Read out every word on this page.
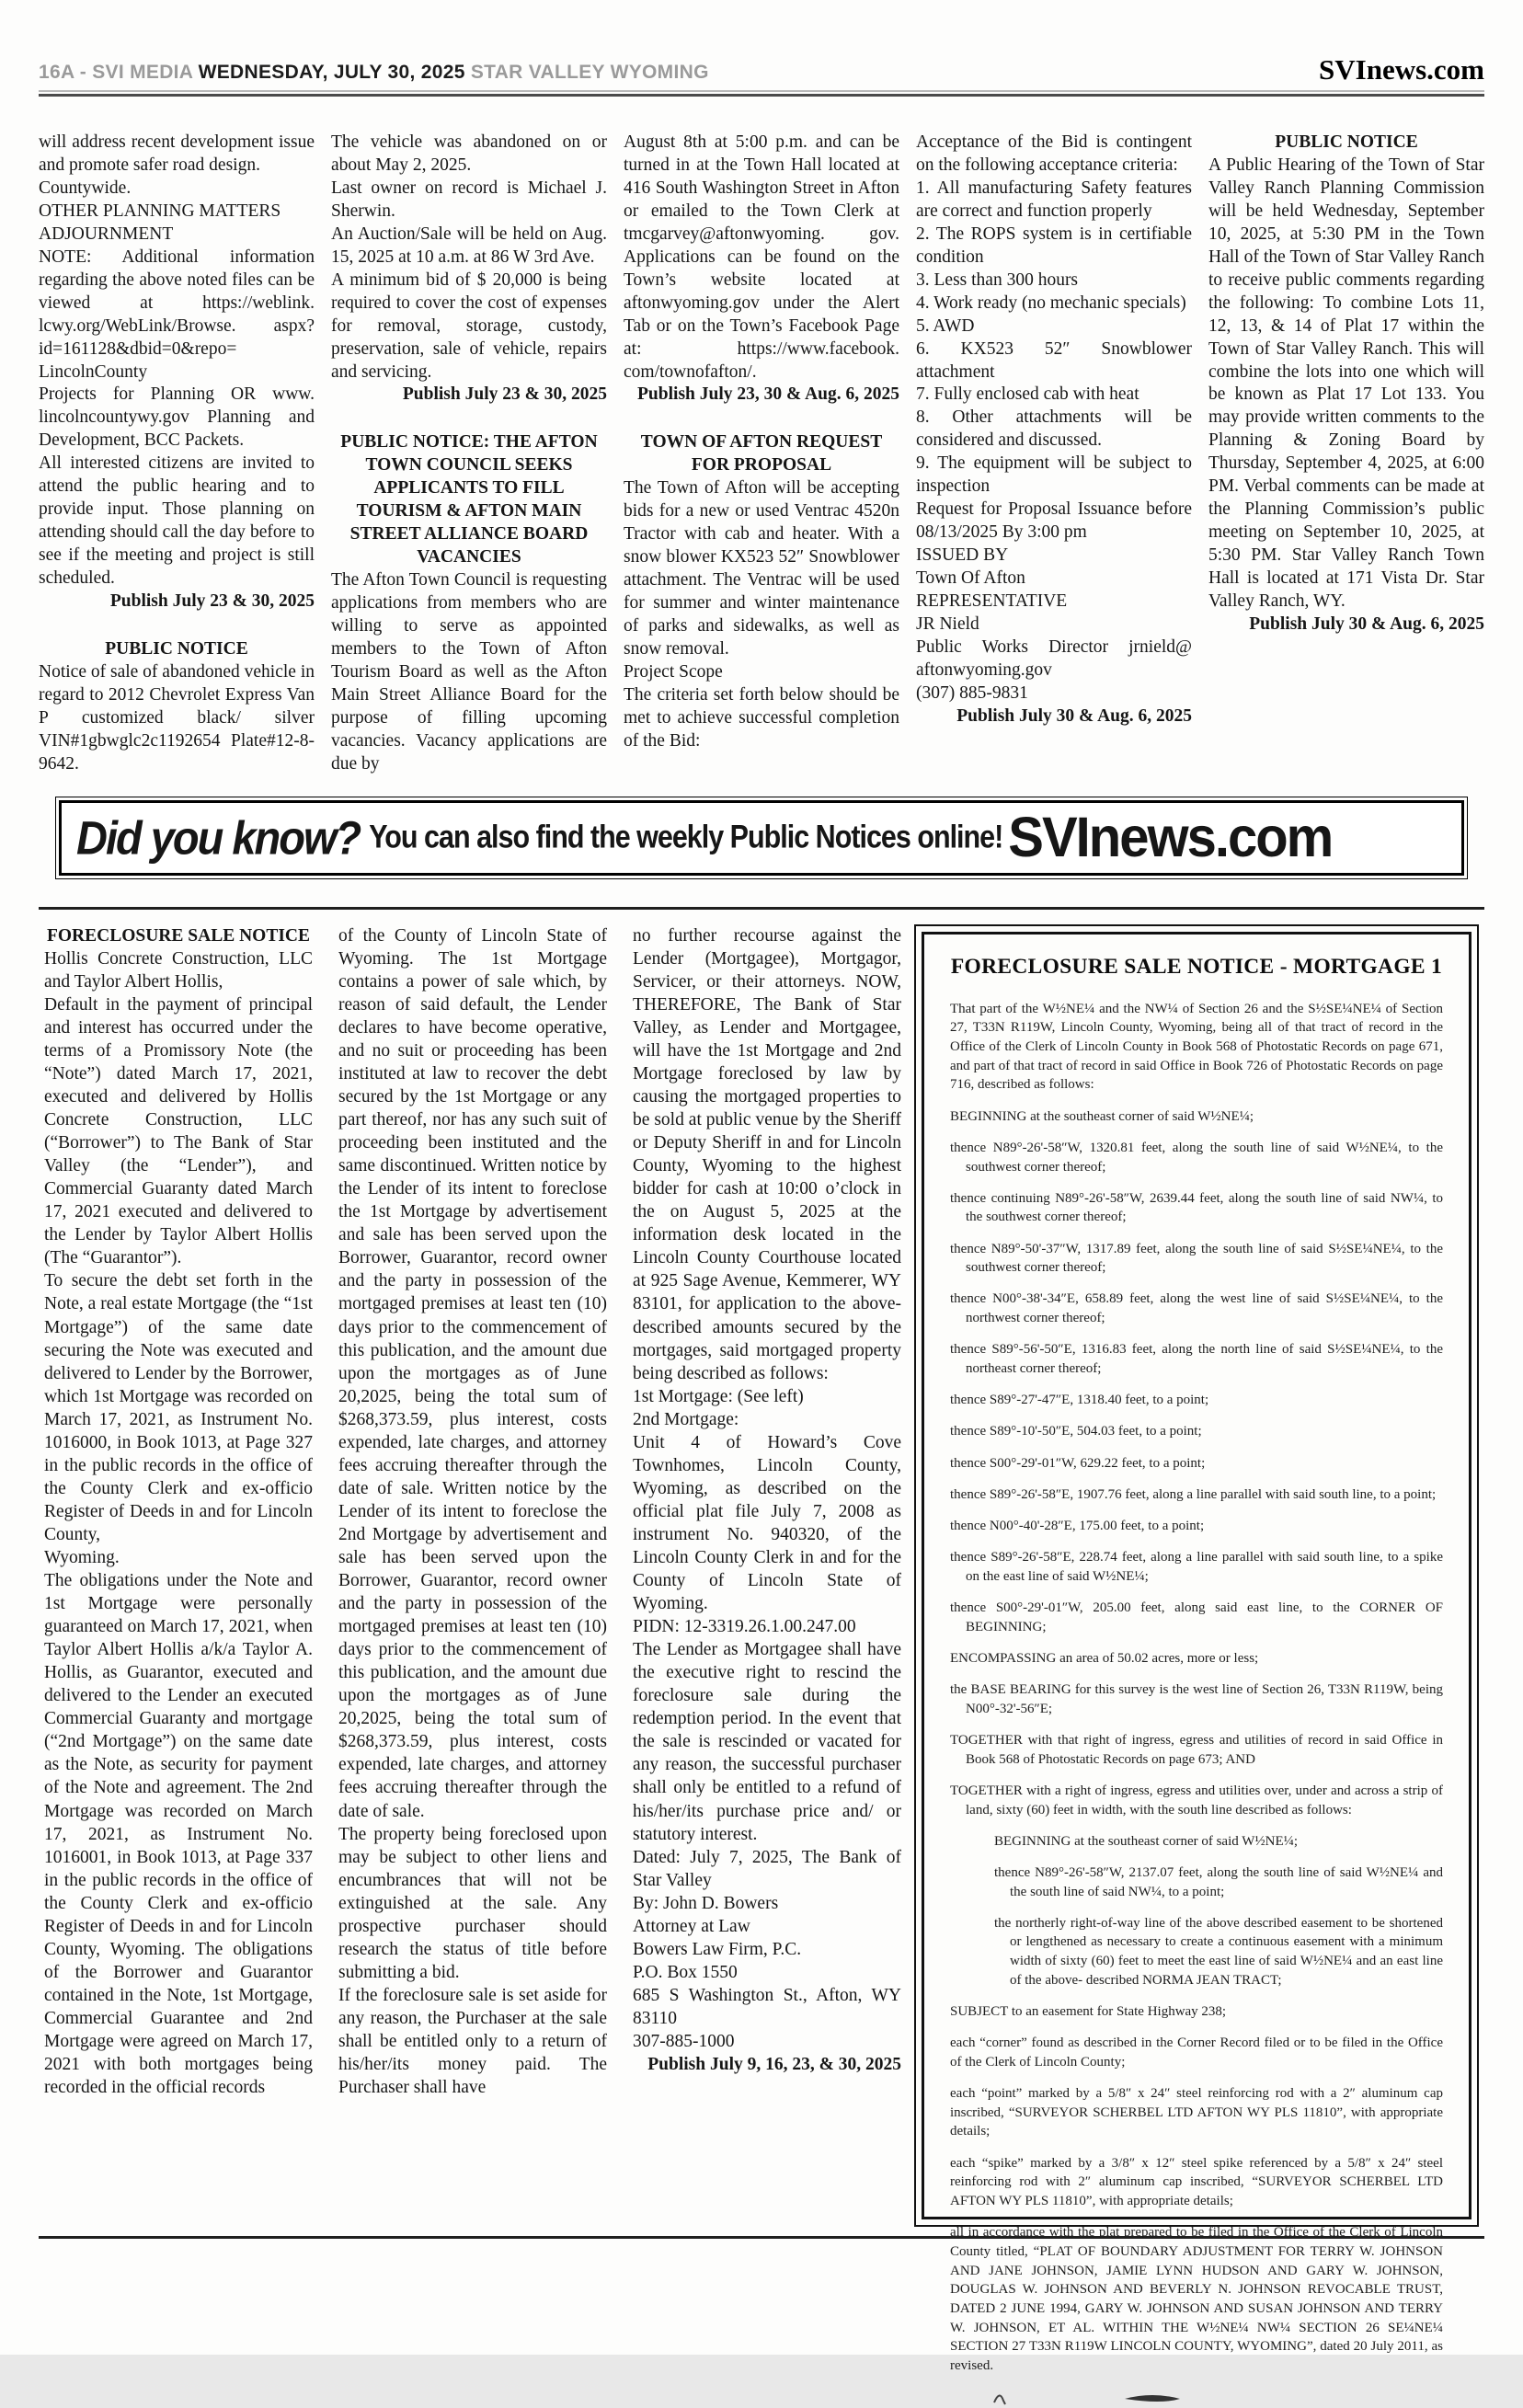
16A - SVI MEDIA WEDNESDAY, JULY 30, 2025 STAR VALLEY WYOMING	SVInews.com
will address recent development issue and promote safer road design.
Countywide.
OTHER PLANNING MATTERS
ADJOURNMENT
NOTE: Additional information regarding the above noted files can be viewed at https://weblink. lcwy.org/WebLink/Browse. aspx?id=161128&dbid=0&repo= LincolnCounty
Projects for Planning OR www. lincolncountywy.gov Planning and Development, BCC Packets.
All interested citizens are invited to attend the public hearing and to provide input. Those planning on attending should call the day before to see if the meeting and project is still scheduled.
Publish July 23 & 30, 2025
PUBLIC NOTICE
Notice of sale of abandoned vehicle in regard to 2012 Chevrolet Express Van P customized black/ silver VIN#1gbwglc2c1192654 Plate#12-8-9642.
The vehicle was abandoned on or about May 2, 2025.
Last owner on record is Michael J. Sherwin.
An Auction/Sale will be held on Aug. 15, 2025 at 10 a.m. at 86 W 3rd Ave.
A minimum bid of $ 20,000 is being required to cover the cost of expenses for removal, storage, custody, preservation, sale of vehicle, repairs and servicing.
Publish July 23 & 30, 2025
PUBLIC NOTICE: THE AFTON TOWN COUNCIL SEEKS APPLICANTS TO FILL TOURISM & AFTON MAIN STREET ALLIANCE BOARD VACANCIES
The Afton Town Council is requesting applications from members who are willing to serve as appointed members to the Town of Afton Tourism Board as well as the Afton Main Street Alliance Board for the purpose of filling upcoming vacancies. Vacancy applications are due by
August 8th at 5:00 p.m. and can be turned in at the Town Hall located at 416 South Washington Street in Afton or emailed to the Town Clerk at tmcgarvey@aftonwyoming. gov. Applications can be found on the Town’s website located at aftonwyoming.gov under the Alert Tab or on the Town’s Facebook Page at: https://www.facebook. com/townofafton/.
Publish July 23, 30 & Aug. 6, 2025
TOWN OF AFTON REQUEST FOR PROPOSAL
The Town of Afton will be accepting bids for a new or used Ventrac 4520n Tractor with cab and heater. With a snow blower KX523 52″ Snowblower attachment. The Ventrac will be used for summer and winter maintenance of parks and sidewalks, as well as snow removal.
Project Scope
The criteria set forth below should be met to achieve successful completion of the Bid:
Acceptance of the Bid is contingent on the following acceptance criteria:
1. All manufacturing Safety features are correct and function properly
2. The ROPS system is in certifiable condition
3. Less than 300 hours
4. Work ready (no mechanic specials)
5. AWD
6. KX523 52″ Snowblower attachment
7. Fully enclosed cab with heat
8. Other attachments will be considered and discussed.
9. The equipment will be subject to inspection
Request for Proposal Issuance before 08/13/2025 By 3:00 pm
ISSUED BY
Town Of Afton
REPRESENTATIVE
JR Nield
Public Works Director jrnield@ aftonwyoming.gov
(307) 885-9831
Publish July 30 & Aug. 6, 2025
PUBLIC NOTICE
A Public Hearing of the Town of Star Valley Ranch Planning Commission will be held Wednesday, September 10, 2025, at 5:30 PM in the Town Hall of the Town of Star Valley Ranch to receive public comments regarding the following: To combine Lots 11, 12, 13, & 14 of Plat 17 within the Town of Star Valley Ranch. This will combine the lots into one which will be known as Plat 17 Lot 133. You may provide written comments to the Planning & Zoning Board by Thursday, September 4, 2025, at 6:00 PM. Verbal comments can be made at the Planning Commission’s public meeting on September 10, 2025, at 5:30 PM. Star Valley Ranch Town Hall is located at 171 Vista Dr. Star Valley Ranch, WY.
Publish July 30 & Aug. 6, 2025
Did you know? You can also find the weekly Public Notices online! SVInews.com
FORECLOSURE SALE NOTICE
Hollis Concrete Construction, LLC and Taylor Albert Hollis,
Default in the payment of principal and interest has occurred under the terms of a Promissory Note (the “Note”) dated March 17, 2021, executed and delivered by Hollis Concrete Construction, LLC (“Borrower”) to The Bank of Star Valley (the “Lender”), and Commercial Guaranty dated March 17, 2021 executed and delivered to the Lender by Taylor Albert Hollis (The “Guarantor”).
To secure the debt set forth in the Note, a real estate Mortgage (the “1st Mortgage”) of the same date securing the Note was executed and delivered to Lender by the Borrower, which 1st Mortgage was recorded on March 17, 2021, as Instrument No. 1016000, in Book 1013, at Page 327 in the public records in the office of the County Clerk and ex-officio Register of Deeds in and for Lincoln County,
Wyoming.
The obligations under the Note and 1st Mortgage were personally guaranteed on March 17, 2021, when Taylor Albert Hollis a/k/a Taylor A. Hollis, as Guarantor, executed and delivered to the Lender an executed Commercial Guaranty and mortgage (“2nd Mortgage”) on the same date as the Note, as security for payment of the Note and agreement. The 2nd Mortgage was recorded on March 17, 2021, as Instrument No. 1016001, in Book 1013, at Page 337 in the public records in the office of the County Clerk and ex-officio Register of Deeds in and for Lincoln County, Wyoming. The obligations of the Borrower and Guarantor contained in the Note, 1st Mortgage, Commercial Guarantee and 2nd Mortgage were agreed on March 17, 2021 with both mortgages being recorded in the official records
of the County of Lincoln State of Wyoming. The 1st Mortgage contains a power of sale which, by reason of said default, the Lender declares to have become operative, and no suit or proceeding has been instituted at law to recover the debt secured by the 1st Mortgage or any part thereof, nor has any such suit of proceeding been instituted and the same discontinued. Written notice by the Lender of its intent to foreclose the 1st Mortgage by advertisement and sale has been served upon the Borrower, Guarantor, record owner and the party in possession of the mortgaged premises at least ten (10) days prior to the commencement of this publication, and the amount due upon the mortgages as of June 20,2025, being the total sum of $268,373.59, plus interest, costs expended, late charges, and attorney fees accruing thereafter through the date of sale. Written notice by the Lender of its intent to foreclose the 2nd Mortgage by advertisement and sale has been served upon the Borrower, Guarantor, record owner and the party in possession of the mortgaged premises at least ten (10) days prior to the commencement of this publication, and the amount due upon the mortgages as of June 20,2025, being the total sum of $268,373.59, plus interest, costs expended, late charges, and attorney fees accruing thereafter through the date of sale.
The property being foreclosed upon may be subject to other liens and encumbrances that will not be extinguished at the sale. Any prospective purchaser should research the status of title before submitting a bid.
If the foreclosure sale is set aside for any reason, the Purchaser at the sale shall be entitled only to a return of his/her/its money paid. The Purchaser shall have
no further recourse against the Lender (Mortgagee), Mortgagor, Servicer, or their attorneys. NOW, THEREFORE, The Bank of Star Valley, as Lender and Mortgagee, will have the 1st Mortgage and 2nd Mortgage foreclosed by law by causing the mortgaged properties to be sold at public venue by the Sheriff or Deputy Sheriff in and for Lincoln County, Wyoming to the highest bidder for cash at 10:00 o’clock in the on August 5, 2025 at the information desk located in the Lincoln County Courthouse located at 925 Sage Avenue, Kemmerer, WY 83101, for application to the above- described amounts secured by the mortgages, said mortgaged property being described as follows:
1st Mortgage: (See left)
2nd Mortgage:
Unit 4 of Howard’s Cove Townhomes, Lincoln County, Wyoming, as described on the official plat file July 7, 2008 as instrument No. 940320, of the Lincoln County Clerk in and for the County of Lincoln State of Wyoming.
PIDN: 12-3319.26.1.00.247.00
The Lender as Mortgagee shall have the executive right to rescind the foreclosure sale during the redemption period. In the event that the sale is rescinded or vacated for any reason, the successful purchaser shall only be entitled to a refund of his/her/its purchase price and/ or statutory interest.
Dated: July 7, 2025, The Bank of Star Valley
By: John D. Bowers
Attorney at Law
Bowers Law Firm, P.C.
P.O. Box 1550
685 S Washington St., Afton, WY 83110
307-885-1000
Publish July 9, 16, 23, & 30, 2025
FORECLOSURE SALE NOTICE - MORTGAGE 1
That part of the W½NE¼ and the NW¼ of Section 26 and the S½SE¼NE¼ of Section 27, T33N R119W, Lincoln County, Wyoming, being all of that tract of record in the Office of the Clerk of Lincoln County in Book 568 of Photostatic Records on page 671, and part of that tract of record in said Office in Book 726 of Photostatic Records on page 716, described as follows:
BEGINNING at the southeast corner of said W½NE¼;
thence N89°-26'-58″W, 1320.81 feet, along the south line of said W½NE¼, to the southwest corner thereof;
thence continuing N89°-26'-58″W, 2639.44 feet, along the south line of said NW¼, to the southwest corner thereof;
thence N89°-50'-37″W, 1317.89 feet, along the south line of said S½SE¼NE¼, to the southwest corner thereof;
thence N00°-38'-34″E, 658.89 feet, along the west line of said S½SE¼NE¼, to the northwest corner thereof;
thence S89°-56'-50″E, 1316.83 feet, along the north line of said S½SE¼NE¼, to the northeast corner thereof;
thence S89°-27'-47″E, 1318.40 feet, to a point;
thence S89°-10'-50″E, 504.03 feet, to a point;
thence S00°-29'-01″W, 629.22 feet, to a point;
thence S89°-26'-58″E, 1907.76 feet, along a line parallel with said south line, to a point;
thence N00°-40'-28″E, 175.00 feet, to a point;
thence S89°-26'-58″E, 228.74 feet, along a line parallel with said south line, to a spike on the east line of said W½NE¼;
thence S00°-29'-01″W, 205.00 feet, along said east line, to the CORNER OF BEGINNING;
ENCOMPASSING an area of 50.02 acres, more or less;
the BASE BEARING for this survey is the west line of Section 26, T33N R119W, being N00°-32'-56″E;
TOGETHER with that right of ingress, egress and utilities of record in said Office in Book 568 of Photostatic Records on page 673; AND
TOGETHER with a right of ingress, egress and utilities over, under and across a strip of land, sixty (60) feet in width, with the south line described as follows:
BEGINNING at the southeast corner of said W½NE¼;
thence N89°-26'-58″W, 2137.07 feet, along the south line of said W½NE¼ and the south line of said NW¼, to a point;
the northerly right-of-way line of the above described easement to be shortened or lengthened as necessary to create a continuous easement with a minimum width of sixty (60) feet to meet the east line of said W½NE¼ and an east line of the above- described NORMA JEAN TRACT;
SUBJECT to an easement for State Highway 238;
each “corner” found as described in the Corner Record filed or to be filed in the Office of the Clerk of Lincoln County;
each “point” marked by a 5/8″ x 24″ steel reinforcing rod with a 2″ aluminum cap inscribed, “SURVEYOR SCHERBEL LTD AFTON WY PLS 11810”, with appropriate details;
each “spike” marked by a 3/8″ x 12″ steel spike referenced by a 5/8″ x 24″ steel reinforcing rod with 2″ aluminum cap inscribed, “SURVEYOR SCHERBEL LTD AFTON WY PLS 11810”, with appropriate details;
all in accordance with the plat prepared to be filed in the Office of the Clerk of Lincoln County titled, “PLAT OF BOUNDARY ADJUSTMENT FOR TERRY W. JOHNSON AND JANE JOHNSON, JAMIE LYNN HUDSON AND GARY W. JOHNSON, DOUGLAS W. JOHNSON AND BEVERLY N. JOHNSON REVOCABLE TRUST, DATED 2 JUNE 1994, GARY W. JOHNSON AND SUSAN JOHNSON AND TERRY W. JOHNSON, ET AL. WITHIN THE W½NE¼ NW¼ SECTION 26 SE¼NE¼ SECTION 27 T33N R119W LINCOLN COUNTY, WYOMING”, dated 20 July 2011, as revised.
